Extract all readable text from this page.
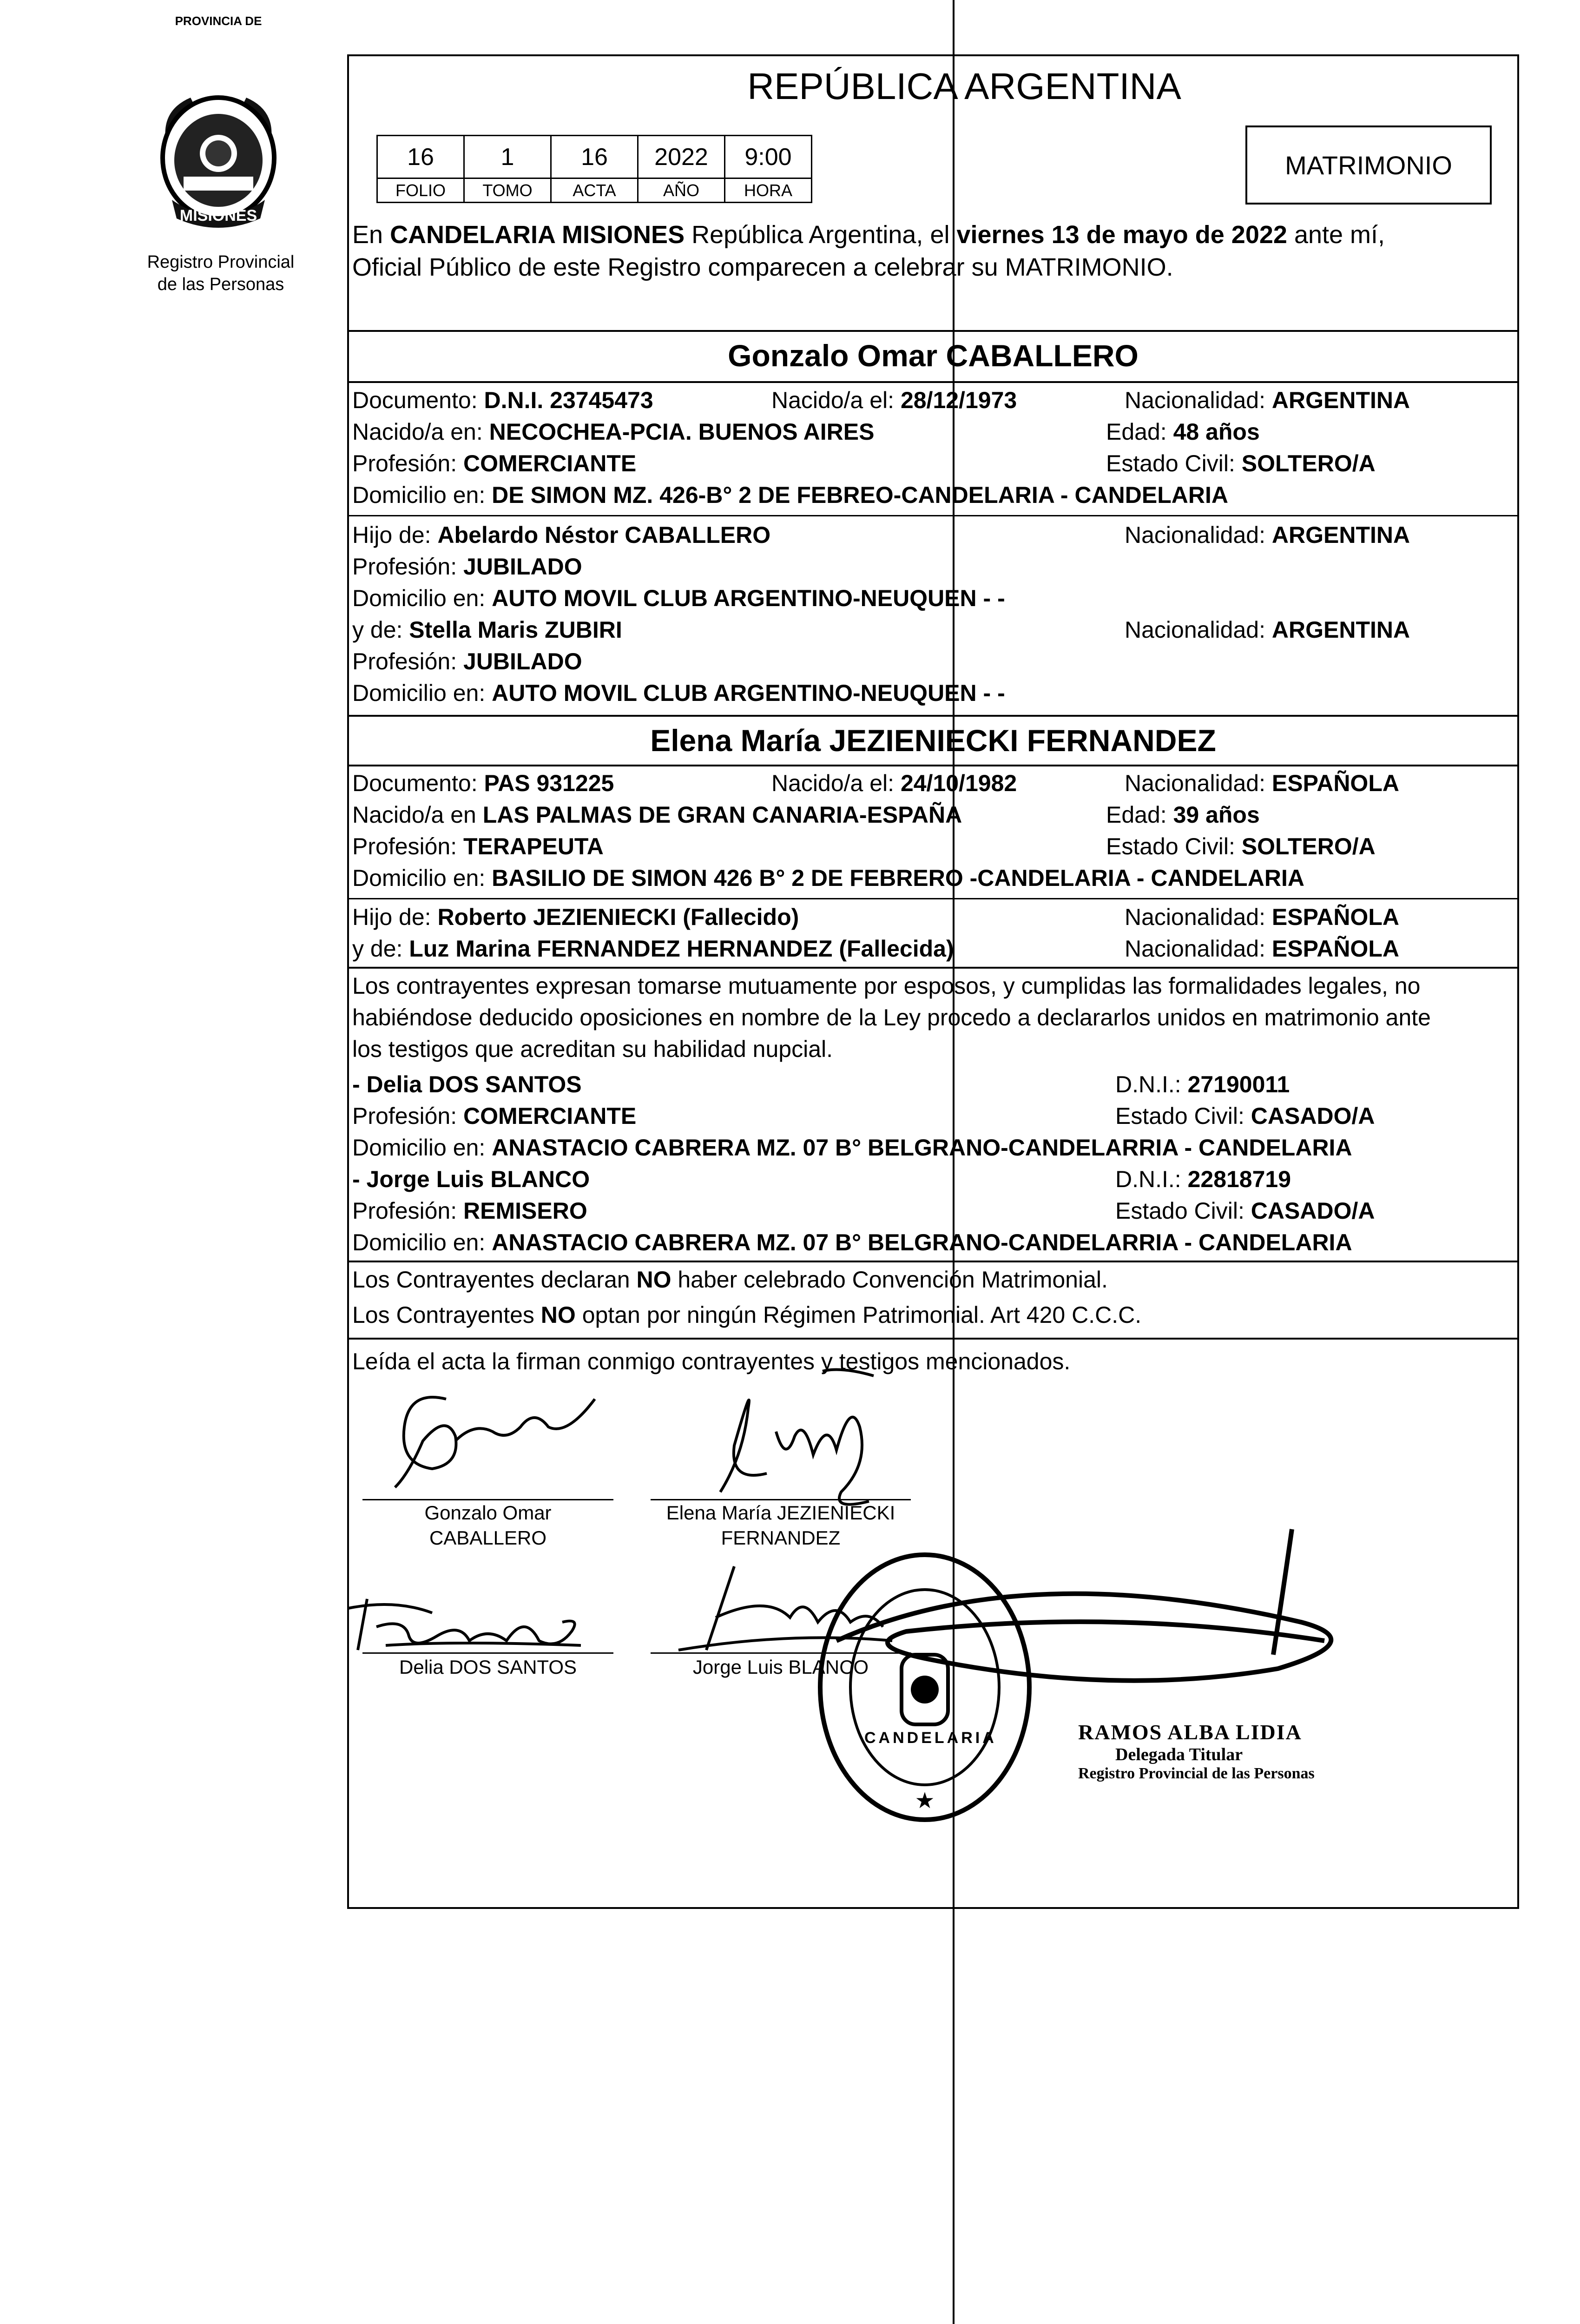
PROVINCIA DE
MISIONES
Registro Provincial
de las Personas
REPÚBLICA ARGENTINA
16	1	16	2022	9:00
FOLIO	TOMO	ACTA	AÑO	HORA
MATRIMONIO
En CANDELARIA MISIONES República Argentina, el viernes 13 de mayo de 2022 ante mí,
Oficial Público de este Registro comparecen a celebrar su MATRIMONIO.
Gonzalo Omar CABALLERO
Documento: D.N.I. 23745473	Nacido/a el: 28/12/1973	Nacionalidad: ARGENTINA
Nacido/a en: NECOCHEA-PCIA. BUENOS AIRES	Edad: 48 años
Profesión: COMERCIANTE	Estado Civil: SOLTERO/A
Domicilio en: DE SIMON MZ. 426-B° 2 DE FEBREO-CANDELARIA - CANDELARIA
Hijo de: Abelardo Néstor CABALLERO	Nacionalidad: ARGENTINA
Profesión: JUBILADO
Domicilio en: AUTO MOVIL CLUB ARGENTINO-NEUQUEN - -
y de: Stella Maris ZUBIRI	Nacionalidad: ARGENTINA
Profesión: JUBILADO
Domicilio en: AUTO MOVIL CLUB ARGENTINO-NEUQUEN - -
Elena María JEZIENIECKI FERNANDEZ
Documento: PAS 931225	Nacido/a el: 24/10/1982	Nacionalidad: ESPAÑOLA
Nacido/a en LAS PALMAS DE GRAN CANARIA-ESPAÑA	Edad: 39 años
Profesión: TERAPEUTA	Estado Civil: SOLTERO/A
Domicilio en: BASILIO DE SIMON 426 B° 2 DE FEBRERO -CANDELARIA - CANDELARIA
Hijo de: Roberto JEZIENIECKI (Fallecido)	Nacionalidad: ESPAÑOLA
y de: Luz Marina FERNANDEZ HERNANDEZ (Fallecida)	Nacionalidad: ESPAÑOLA
Los contrayentes expresan tomarse mutuamente por esposos, y cumplidas las formalidades legales, no
habiéndose deducido oposiciones en nombre de la Ley procedo a declararlos unidos en matrimonio ante
los testigos que acreditan su habilidad nupcial.
- Delia DOS SANTOS	D.N.I.: 27190011
Profesión: COMERCIANTE	Estado Civil: CASADO/A
Domicilio en: ANASTACIO CABRERA MZ. 07 B° BELGRANO-CANDELARRIA - CANDELARIA
- Jorge Luis BLANCO	D.N.I.: 22818719
Profesión: REMISERO	Estado Civil: CASADO/A
Domicilio en: ANASTACIO CABRERA MZ. 07 B° BELGRANO-CANDELARRIA - CANDELARIA
Los Contrayentes declaran NO haber celebrado Convención Matrimonial.
Los Contrayentes NO optan por ningún Régimen Patrimonial. Art 420 C.C.C.
Leída el acta la firman conmigo contrayentes y testigos mencionados.
Gonzalo Omar
CABALLERO
Elena María JEZIENIECKI
FERNANDEZ
Delia DOS SANTOS	Jorge Luis BLANCO
★
CANDELARIA	RAMOS ALBA LIDIA
Delegada Titular
Registro Provincial de las Personas
